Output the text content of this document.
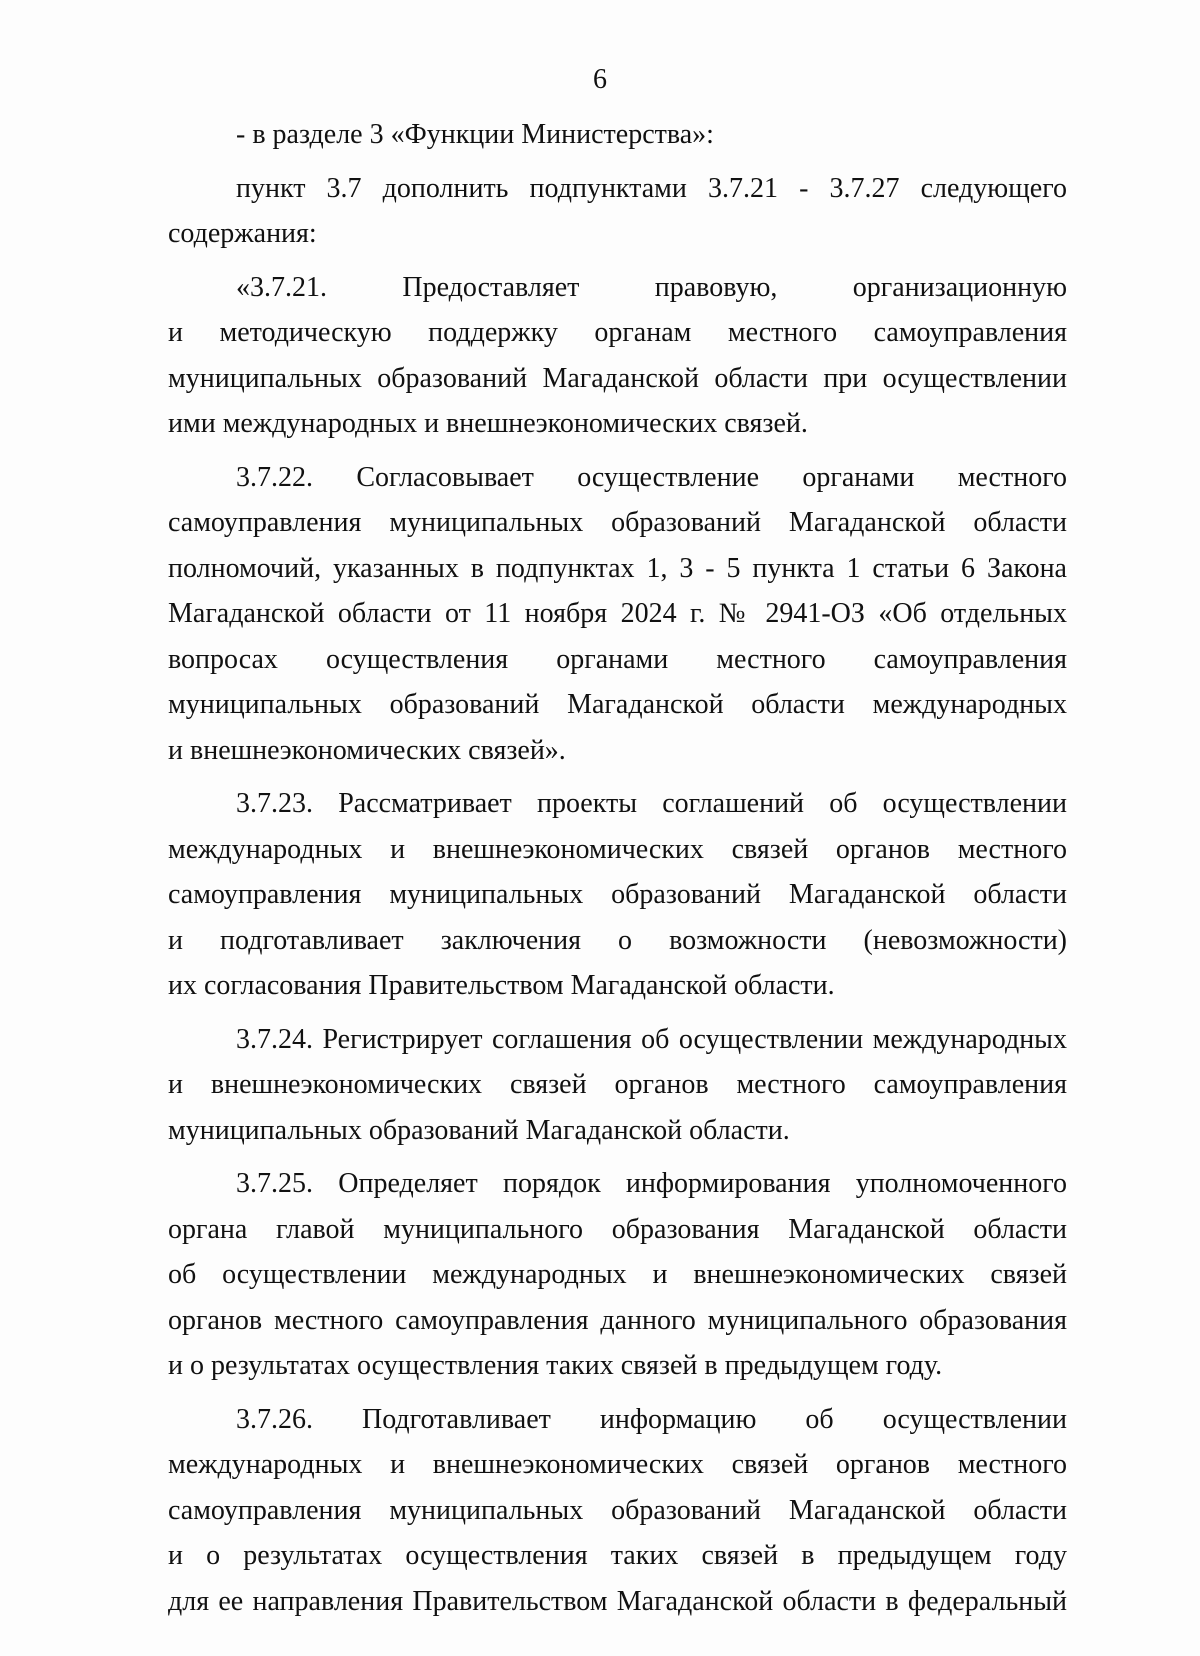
6
- в разделе 3 «Функции Министерства»:
пункт 3.7 дополнить подпунктами 3.7.21 - 3.7.27 следующего
содержания:
«3.7.21. Предоставляет правовую, организационную
и методическую поддержку органам местного самоуправления
муниципальных образований Магаданской области при осуществлении
ими международных и внешнеэкономических связей.
3.7.22. Согласовывает осуществление органами местного
самоуправления муниципальных образований Магаданской области
полномочий, указанных в подпунктах 1, 3 - 5 пункта 1 статьи 6 Закона
Магаданской области от 11 ноября 2024 г. № 2941-ОЗ «Об отдельных
вопросах осуществления органами местного самоуправления
муниципальных образований Магаданской области международных
и внешнеэкономических связей».
3.7.23. Рассматривает проекты соглашений об осуществлении
международных и внешнеэкономических связей органов местного
самоуправления муниципальных образований Магаданской области
и подготавливает заключения о возможности (невозможности)
их согласования Правительством Магаданской области.
3.7.24. Регистрирует соглашения об осуществлении международных
и внешнеэкономических связей органов местного самоуправления
муниципальных образований Магаданской области.
3.7.25. Определяет порядок информирования уполномоченного
органа главой муниципального образования Магаданской области
об осуществлении международных и внешнеэкономических связей
органов местного самоуправления данного муниципального образования
и о результатах осуществления таких связей в предыдущем году.
3.7.26. Подготавливает информацию об осуществлении
международных и внешнеэкономических связей органов местного
самоуправления муниципальных образований Магаданской области
и о результатах осуществления таких связей в предыдущем году
для ее направления Правительством Магаданской области в федеральный
